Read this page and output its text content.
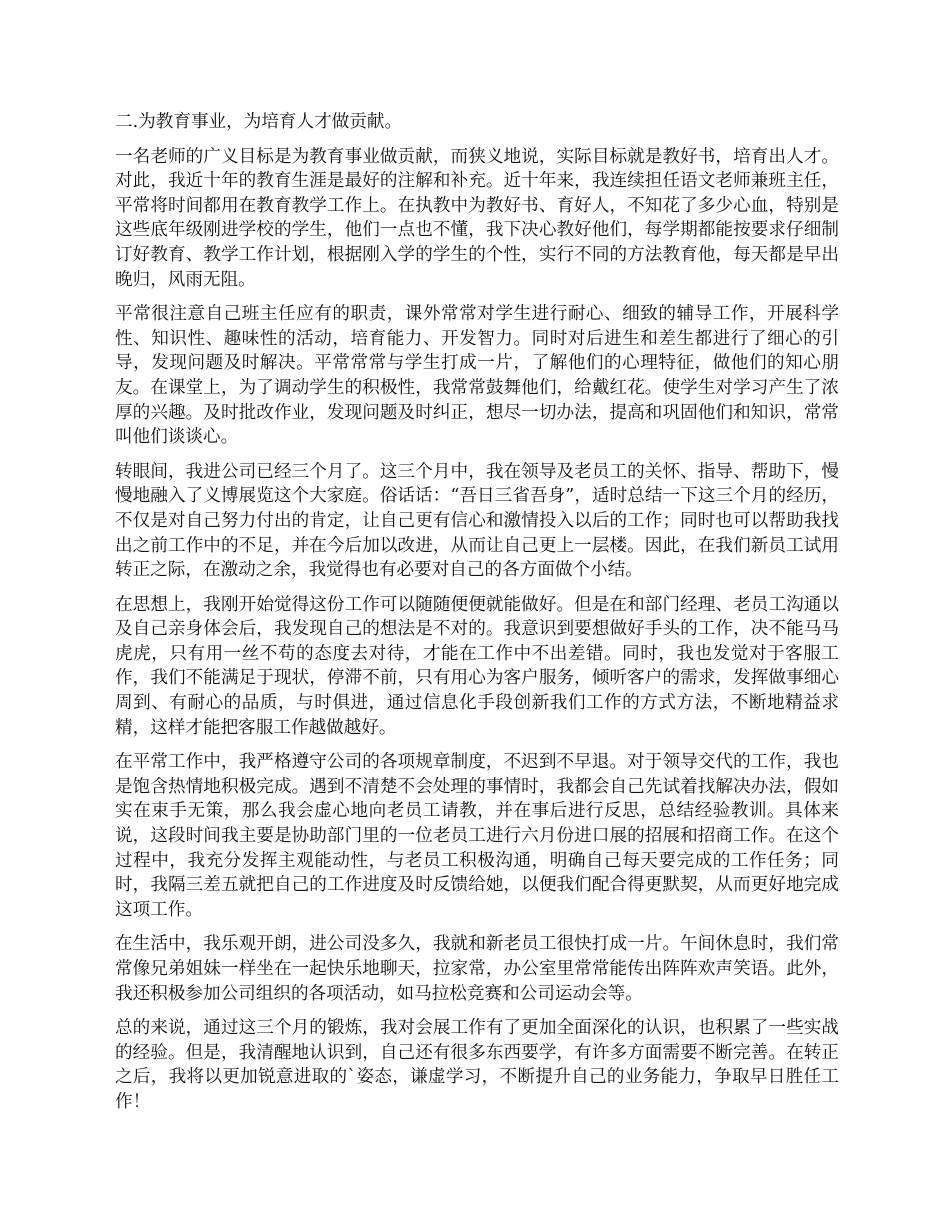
二.为教育事业，为培育人才做贡献。

一名老师的广义目标是为教育事业做贡献，而狭义地说，实际目标就是教好书，培育出人才。对此，我近十年的教育生涯是最好的注解和补充。近十年来，我连续担任语文老师兼班主任，平常将时间都用在教育教学工作上。在执教中为教好书、育好人，不知花了多少心血，特别是这些底年级刚进学校的学生，他们一点也不懂，我下决心教好他们，每学期都能按要求仔细制订好教育、教学工作计划，根据刚入学的学生的个性，实行不同的方法教育他，每天都是早出晚归，风雨无阻。

平常很注意自己班主任应有的职责，课外常常对学生进行耐心、细致的辅导工作，开展科学性、知识性、趣味性的活动，培育能力、开发智力。同时对后进生和差生都进行了细心的引导，发现问题及时解决。平常常常与学生打成一片，了解他们的心理特征，做他们的知心朋友。在课堂上，为了调动学生的积极性，我常常鼓舞他们，给戴红花。使学生对学习产生了浓厚的兴趣。及时批改作业，发现问题及时纠正，想尽一切办法，提高和巩固他们和知识，常常叫他们谈谈心。

转眼间，我进公司已经三个月了。这三个月中，我在领导及老员工的关怀、指导、帮助下，慢慢地融入了义博展览这个大家庭。俗话话：“吾日三省吾身”，适时总结一下这三个月的经历，不仅是对自己努力付出的肯定，让自己更有信心和激情投入以后的工作；同时也可以帮助我找出之前工作中的不足，并在今后加以改进，从而让自己更上一层楼。因此，在我们新员工试用转正之际，在激动之余，我觉得也有必要对自己的各方面做个小结。

在思想上，我刚开始觉得这份工作可以随随便便就能做好。但是在和部门经理、老员工沟通以及自己亲身体会后，我发现自己的想法是不对的。我意识到要想做好手头的工作，决不能马马虎虎，只有用一丝不苟的态度去对待，才能在工作中不出差错。同时，我也发觉对于客服工作，我们不能满足于现状，停滞不前，只有用心为客户服务，倾听客户的需求，发挥做事细心周到、有耐心的品质，与时俱进，通过信息化手段创新我们工作的方式方法，不断地精益求精，这样才能把客服工作越做越好。

在平常工作中，我严格遵守公司的各项规章制度，不迟到不早退。对于领导交代的工作，我也是饱含热情地积极完成。遇到不清楚不会处理的事情时，我都会自己先试着找解决办法，假如实在束手无策，那么我会虚心地向老员工请教，并在事后进行反思，总结经验教训。具体来说，这段时间我主要是协助部门里的一位老员工进行六月份进口展的招展和招商工作。在这个过程中，我充分发挥主观能动性，与老员工积极沟通，明确自己每天要完成的工作任务；同时，我隔三差五就把自己的工作进度及时反馈给她，以便我们配合得更默契，从而更好地完成这项工作。

在生活中，我乐观开朗，进公司没多久，我就和新老员工很快打成一片。午间休息时，我们常常像兄弟姐妹一样坐在一起快乐地聊天，拉家常，办公室里常常能传出阵阵欢声笑语。此外，我还积极参加公司组织的各项活动，如马拉松竞赛和公司运动会等。

总的来说，通过这三个月的锻炼，我对会展工作有了更加全面深化的认识，也积累了一些实战的经验。但是，我清醒地认识到，自己还有很多东西要学，有许多方面需要不断完善。在转正之后，我将以更加锐意进取的`姿态，谦虚学习，不断提升自己的业务能力，争取早日胜任工作！
